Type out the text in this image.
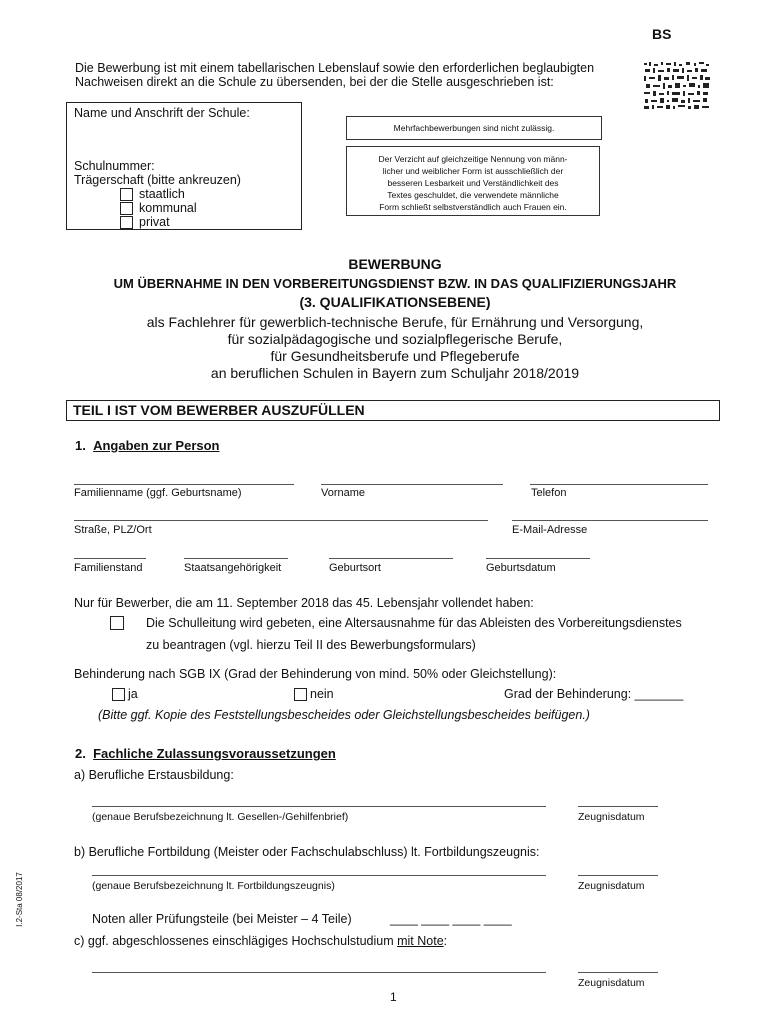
BS
Die Bewerbung ist mit einem tabellarischen Lebenslauf sowie den erforderlichen beglaubigten
Nachweisen direkt an die Schule zu übersenden, bei der die Stelle ausgeschrieben ist:
Name und Anschrift der Schule:
Schulnummer:
Trägerschaft (bitte ankreuzen)
staatlich
kommunal
privat
Mehrfachbewerbungen sind nicht zulässig.
Der Verzicht auf gleichzeitige Nennung von männ-
licher und weiblicher Form ist ausschließlich der
besseren Lesbarkeit und Verständlichkeit des
Textes geschuldet, die verwendete männliche
Form schließt selbstverständlich auch Frauen ein.
BEWERBUNG
UM ÜBERNAHME IN DEN VORBEREITUNGSDIENST BZW. IN DAS QUALIFIZIERUNGSJAHR
(3. QUALIFIKATIONSEBENE)
als Fachlehrer für gewerblich-technische Berufe, für Ernährung und Versorgung,
für sozialpädagogische und sozialpflegerische Berufe,
für Gesundheitsberufe und Pflegeberufe
an beruflichen Schulen in Bayern zum Schuljahr 2018/2019
TEIL I IST VOM BEWERBER AUSZUFÜLLEN
1. Angaben zur Person
Familienname (ggf. Geburtsname)	Vorname	Telefon
Straße, PLZ/Ort	E-Mail-Adresse
Familienstand	Staatsangehörigkeit	Geburtsort	Geburtsdatum
Nur für Bewerber, die am 11. September 2018 das 45. Lebensjahr vollendet haben:
Die Schulleitung wird gebeten, eine Altersausnahme für das Ableisten des Vorbereitungsdienstes
zu beantragen (vgl. hierzu Teil II des Bewerbungsformulars)
Behinderung nach SGB IX (Grad der Behinderung von mind. 50% oder Gleichstellung):
ja	nein	Grad der Behinderung: _______
(Bitte ggf. Kopie des Feststellungsbescheides oder Gleichstellungsbescheides beifügen.)
2. Fachliche Zulassungsvoraussetzungen
a) Berufliche Erstausbildung:
(genaue Berufsbezeichnung lt. Gesellen-/Gehilfenbrief)	Zeugnisdatum
b) Berufliche Fortbildung (Meister oder Fachschulabschluss) lt. Fortbildungszeugnis:
(genaue Berufsbezeichnung lt. Fortbildungszeugnis)	Zeugnisdatum
Noten aller Prüfungsteile (bei Meister – 4 Teile)	____ ____ ____ ____
c) ggf. abgeschlossenes einschlägiges Hochschulstudium mit Note:
Zeugnisdatum
I.2-Sta 08/2017
1
